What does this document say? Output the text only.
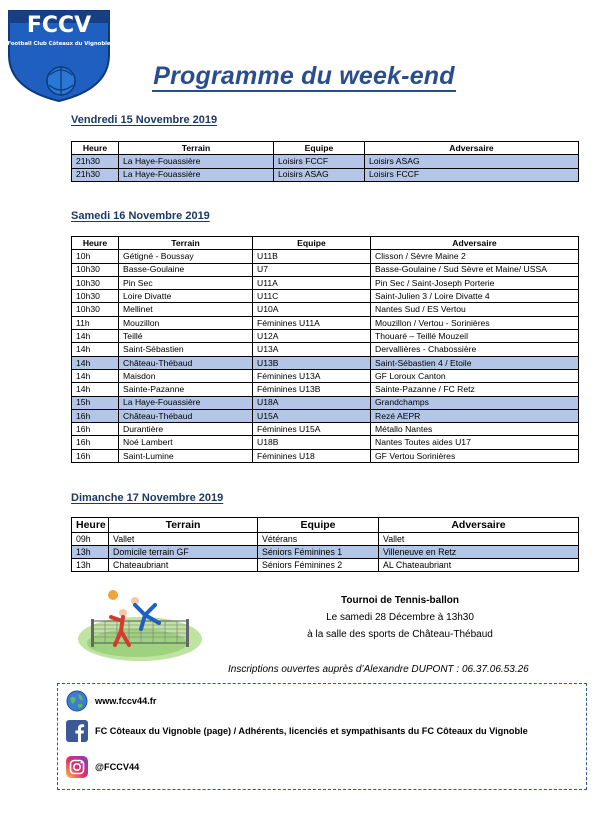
FCCV
Football Club Côteaux du Vignoble
Programme du week-end
Vendredi 15 Novembre 2019
Heure	Terrain	Equipe	Adversaire
21h30	La Haye-Fouassière	Loisirs FCCF	Loisirs ASAG
21h30	La Haye-Fouassière	Loisirs ASAG	Loisirs FCCF
Samedi 16 Novembre 2019
Heure	Terrain	Equipe	Adversaire
10h	Gétigné - Boussay	U11B	Clisson / Sèvre Maine 2
10h30	Basse-Goulaine	U7	Basse-Goulaine / Sud Sèvre et Maine/ USSA
10h30	Pin Sec	U11A	Pin Sec / Saint-Joseph Porterie
10h30	Loire Divatte	U11C	Saint-Julien 3 / Loire Divatte 4
10h30	Mellinet	U10A	Nantes Sud / ES Vertou
11h	Mouzillon	Féminines U11A	Mouzillon / Vertou - Sorinières
14h	Teillé	U12A	Thouaré – Teillé Mouzeil
14h	Saint-Sébastien	U13A	Dervallières - Chabossière
14h	Château-Thébaud	U13B	Saint-Sébastien 4 / Etoile
14h	Maisdon	Féminines U13A	GF Loroux Canton
14h	Sainte-Pazanne	Féminines U13B	Sainte-Pazanne / FC Retz
15h	La Haye-Fouassière	U18A	Grandchamps
16h	Château-Thébaud	U15A	Rezé AEPR
16h	Durantière	Féminines U15A	Métallo Nantes
16h	Noé Lambert	U18B	Nantes Toutes aides U17
16h	Saint-Lumine	Féminines U18	GF Vertou Sorinières
Dimanche 17 Novembre 2019
Heure	Terrain	Equipe	Adversaire
09h	Vallet	Vétérans	Vallet
13h	Domicile terrain GF	Séniors Féminines 1	Villeneuve en Retz
13h	Chateaubriant	Séniors Féminines 2	AL Chateaubriant
Tournoi de Tennis-ballon
Le samedi 28 Décembre à 13h30
à la salle des sports de Château-Thébaud
Inscriptions ouvertes auprès d’Alexandre DUPONT : 06.37.06.53.26
www.fccv44.fr
FC Côteaux du Vignoble (page) / Adhérents, licenciés et sympathisants du FC Côteaux du Vignoble
@FCCV44
